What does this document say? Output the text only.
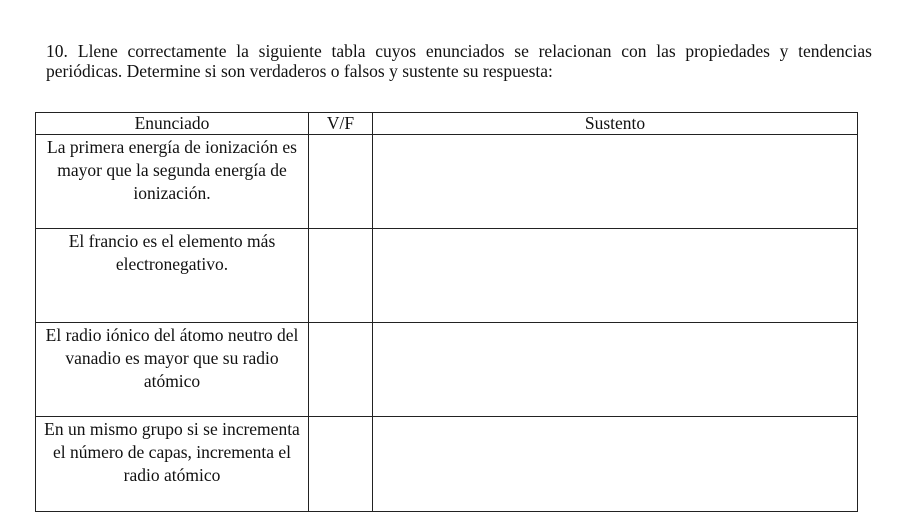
10. Llene correctamente la siguiente tabla cuyos enunciados se relacionan con las propiedades y tendencias periódicas. Determine si son verdaderos o falsos y sustente su respuesta:
Enunciado	V/F	Sustento
La primera energía de ionización es mayor que la segunda energía de ionización.		
El francio es el elemento más electronegativo.		
El radio iónico del átomo neutro del vanadio es mayor que su radio atómico		
En un mismo grupo si se incrementa el número de capas, incrementa el radio atómico		
